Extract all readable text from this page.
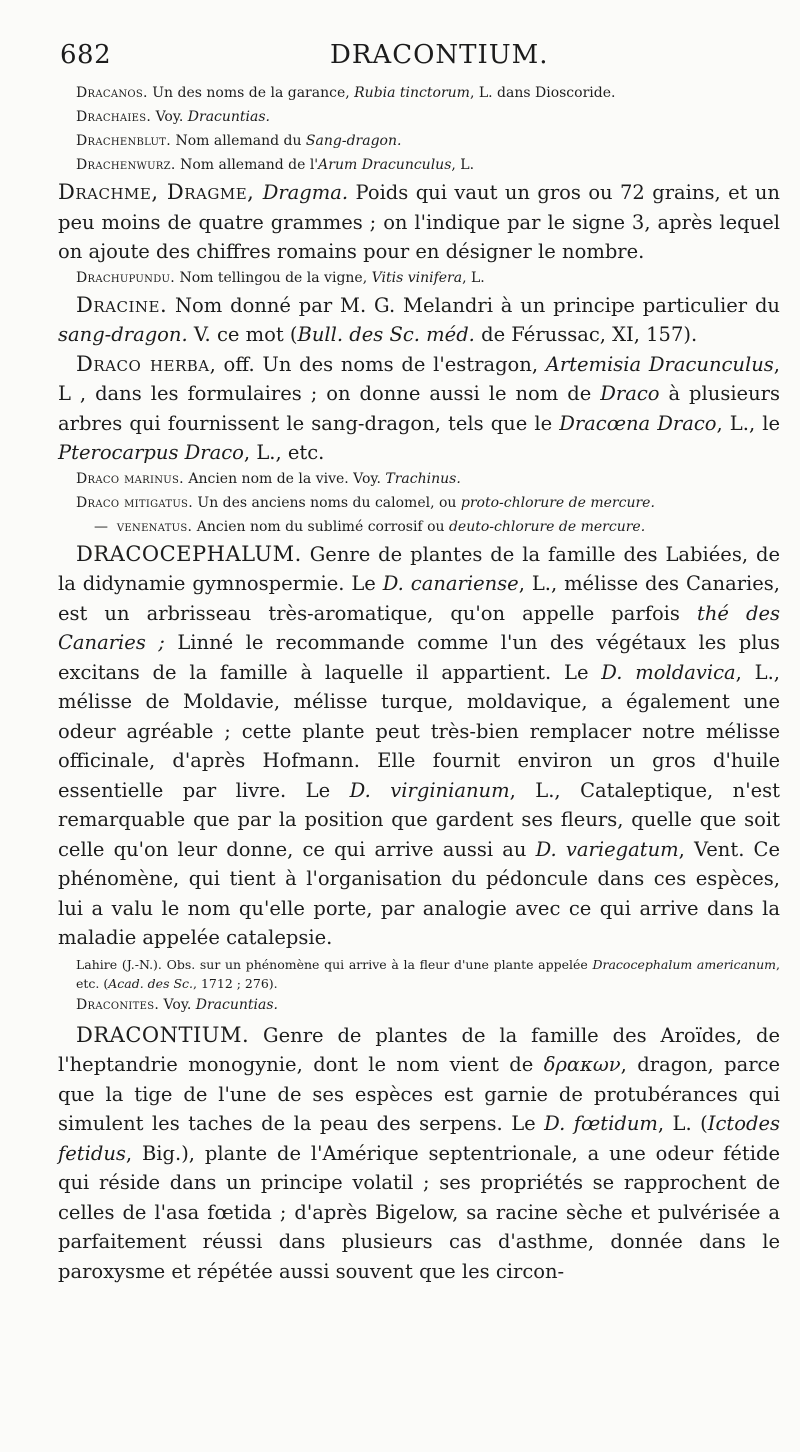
682	DRACONTIUM.

Dracanos. Un des noms de la garance, Rubia tinctorum, L. dans Dioscoride.

Drachaies. Voy. Dracuntias.

Drachenblut. Nom allemand du Sang-dragon.

Drachenwurz. Nom allemand de l'Arum Dracunculus, L.

Drachme, Dragme, Dragma. Poids qui vaut un gros ou 72 grains, et un peu moins de quatre grammes ; on l'indique par le signe 3, après lequel on ajoute des chiffres romains pour en désigner le nombre.

Drachupundu. Nom tellingou de la vigne, Vitis vinifera, L.

Dracine. Nom donné par M. G. Melandri à un principe particulier du sang-dragon. V. ce mot (Bull. des Sc. méd. de Férussac, XI, 157).

Draco herba, off. Un des noms de l'estragon, Artemisia Dracunculus, L , dans les formulaires ; on donne aussi le nom de Draco à plusieurs arbres qui fournissent le sang-dragon, tels que le Dracœna Draco, L., le Pterocarpus Draco, L., etc.

Draco marinus. Ancien nom de la vive. Voy. Trachinus.

Draco mitigatus. Un des anciens noms du calomel, ou proto-chlorure de mercure.

— venenatus. Ancien nom du sublimé corrosif ou deuto-chlorure de mercure.

DRACOCEPHALUM. Genre de plantes de la famille des Labiées, de la didynamie gymnospermie. Le D. canariense, L., mélisse des Canaries, est un arbrisseau très-aromatique, qu'on appelle parfois thé des Canaries ; Linné le recommande comme l'un des végétaux les plus excitans de la famille à laquelle il appartient. Le D. moldavica, L., mélisse de Moldavie, mélisse turque, moldavique, a également une odeur agréable ; cette plante peut très-bien remplacer notre mélisse officinale, d'après Hofmann. Elle fournit environ un gros d'huile essentielle par livre. Le D. virginianum, L., Cataleptique, n'est remarquable que par la position que gardent ses fleurs, quelle que soit celle qu'on leur donne, ce qui arrive aussi au D. variegatum, Vent. Ce phénomène, qui tient à l'organisation du pédoncule dans ces espèces, lui a valu le nom qu'elle porte, par analogie avec ce qui arrive dans la maladie appelée catalepsie.

Lahire (J.-N.). Obs. sur un phénomène qui arrive à la fleur d'une plante appelée Dracocephalum americanum, etc. (Acad. des Sc., 1712 ; 276).

Draconites. Voy. Dracuntias.

DRACONTIUM. Genre de plantes de la famille des Aroïdes, de l'heptandrie monogynie, dont le nom vient de δρακων, dragon, parce que la tige de l'une de ses espèces est garnie de protubérances qui simulent les taches de la peau des serpens. Le D. fœtidum, L. (Ictodes fetidus, Big.), plante de l'Amérique septentrionale, a une odeur fétide qui réside dans un principe volatil ; ses propriétés se rapprochent de celles de l'asa fœtida ; d'après Bigelow, sa racine sèche et pulvérisée a parfaitement réussi dans plusieurs cas d'asthme, donnée dans le paroxysme et répétée aussi souvent que les circon-
